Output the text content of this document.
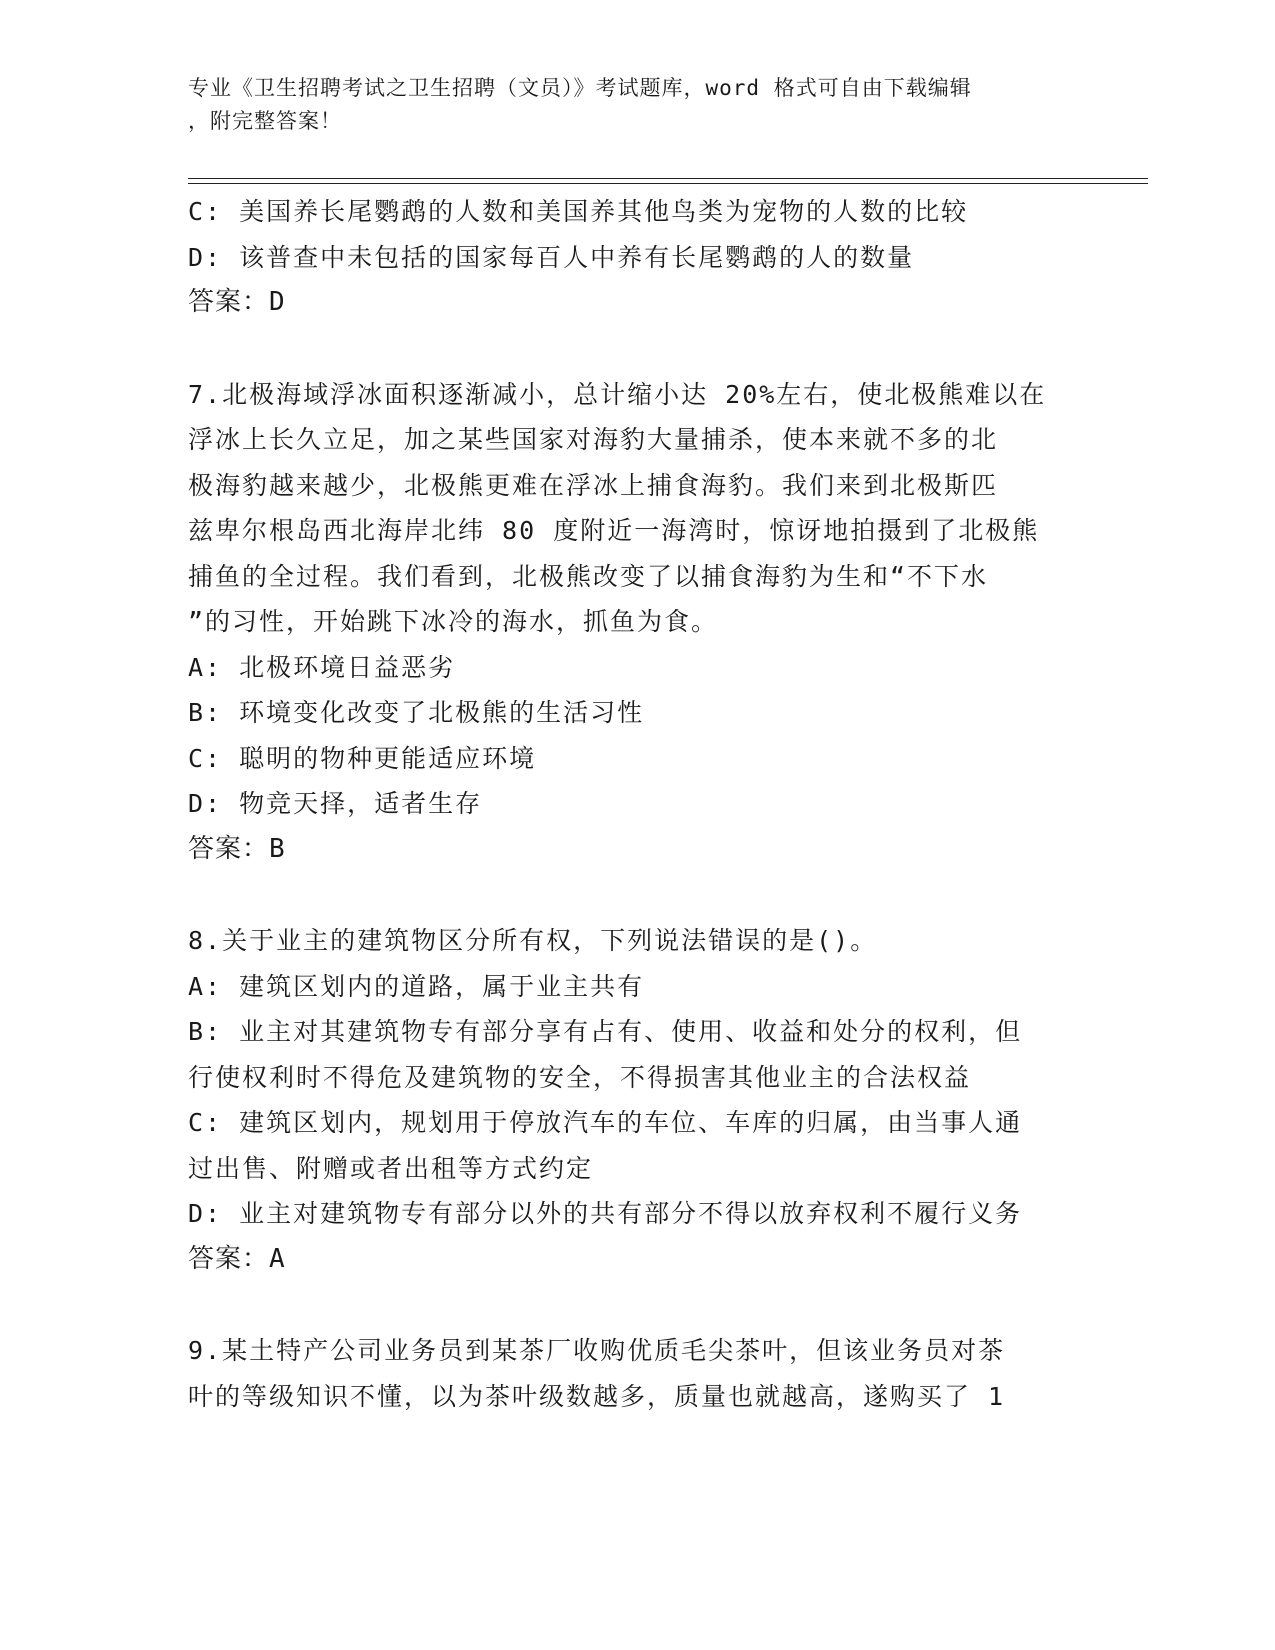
专业《卫生招聘考试之卫生招聘（文员）》考试题库，word 格式可自由下载编辑

，附完整答案！

C: 美国养长尾鹦鹉的人数和美国养其他鸟类为宠物的人数的比较

D: 该普查中未包括的国家每百人中养有长尾鹦鹉的人的数量

答案：D

7.北极海域浮冰面积逐渐减小，总计缩小达 20%左右，使北极熊难以在

浮冰上长久立足，加之某些国家对海豹大量捕杀，使本来就不多的北

极海豹越来越少，北极熊更难在浮冰上捕食海豹。我们来到北极斯匹

兹卑尔根岛西北海岸北纬 80 度附近一海湾时，惊讶地拍摄到了北极熊

捕鱼的全过程。我们看到，北极熊改变了以捕食海豹为生和“不下水

”的习性，开始跳下冰冷的海水，抓鱼为食。

A: 北极环境日益恶劣

B: 环境变化改变了北极熊的生活习性

C: 聪明的物种更能适应环境

D: 物竞天择，适者生存

答案：B

8.关于业主的建筑物区分所有权，下列说法错误的是()。

A: 建筑区划内的道路，属于业主共有

B: 业主对其建筑物专有部分享有占有、使用、收益和处分的权利，但

行使权利时不得危及建筑物的安全，不得损害其他业主的合法权益

C: 建筑区划内，规划用于停放汽车的车位、车库的归属，由当事人通

过出售、附赠或者出租等方式约定

D: 业主对建筑物专有部分以外的共有部分不得以放弃权利不履行义务

答案：A

9.某土特产公司业务员到某茶厂收购优质毛尖茶叶，但该业务员对茶

叶的等级知识不懂，以为茶叶级数越多，质量也就越高，遂购买了 1
